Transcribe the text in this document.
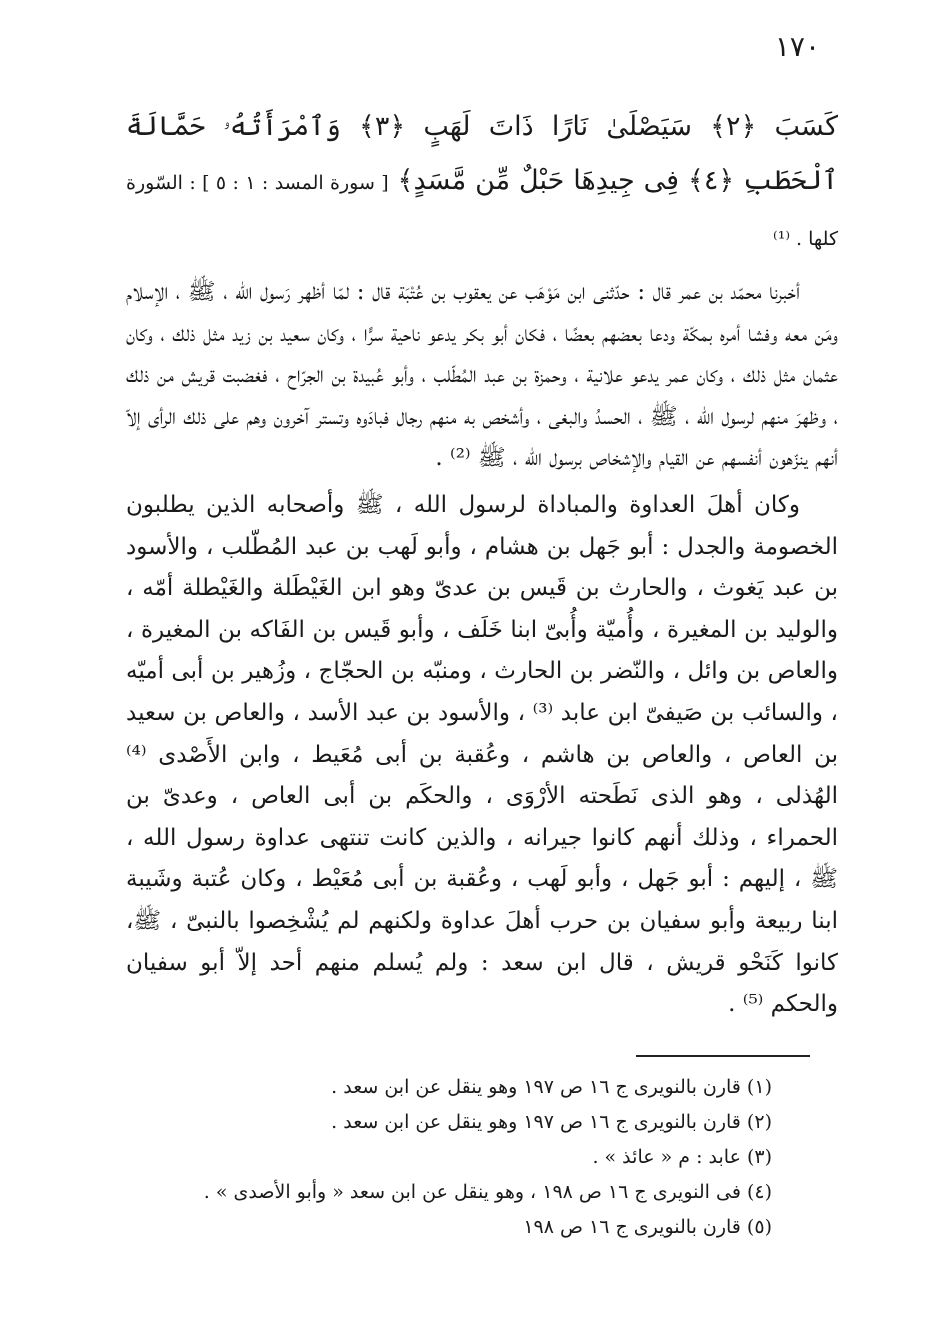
١٧٠

كَسَبَ ﴿٢﴾ سَيَصْلَىٰ نَارًا ذَاتَ لَهَبٍ ﴿٣﴾ وَٱمْرَأَتُهُۥ حَمَّالَةَ ٱلْحَطَبِ ﴿٤﴾ فِى جِيدِهَا حَبْلٌ مِّن مَّسَدٍ﴾ [ سورة المسد : ١ : ٥ ] : السّورة كلها . ⁽¹⁾

أخبرنا محمّد بن عمر قال : حدّثنى ابن مَوْهَب عن يعقوب بن عُتْبَة قال : لمّا أظهر رَسول الله ، ﷺ ، الإسلام ومَن معه وفشا أمره بمكّة ودعا بعضهم بعضًا ، فكان أبو بكر يدعو ناحية سرًّا ، وكان سعيد بن زيد مثل ذلك ، وكان عثمان مثل ذلك ، وكان عمر يدعو علانية ، وحمزة بن عبد المُطّلب ، وأبو عُبيدة بن الجرّاح ، فغضبت قريش من ذلك ، وظهرَ منهم لرسول الله ، ﷺ ، الحسدُ والبغى ، وأشخص به منهم رجال فبادَوه وتستر آخرون وهم على ذلك الرأى إلاّ أنهم ينزّهون أنفسهم عن القيام والإشخاص برسول الله ، ﷺ ⁽²⁾ .

وكان أهلَ العداوة والمباداة لرسول الله ، ﷺ وأصحابه الذين يطلبون الخصومة والجدل : أبو جَهل بن هشام ، وأبو لَهب بن عبد المُطّلب ، والأسود بن عبد يَغوث ، والحارث بن قَيس بن عدىّ وهو ابن الغَيْطَلة والغَيْطلة أمّه ، والوليد بن المغيرة ، وأُميّة وأُبىّ ابنا خَلَف ، وأبو قَيس بن الفَاكه بن المغيرة ، والعاص بن وائل ، والنّضر بن الحارث ، ومنبّه بن الحجّاج ، وزُهير بن أبى أميّه ، والسائب بن صَيفىّ ابن عابد ⁽³⁾ ، والأسود بن عبد الأسد ، والعاص بن سعيد بن العاص ، والعاص بن هاشم ، وعُقبة بن أبى مُعَيط ، وابن الأَصْدى ⁽⁴⁾ الهُذلى ، وهو الذى نَطَحته الأرْوَى ، والحكَم بن أبى العاص ، وعدىّ بن الحمراء ، وذلك أنهم كانوا جيرانه ، والذين كانت تنتهى عداوة رسول الله ، ﷺ ، إليهم : أبو جَهل ، وأبو لَهب ، وعُقبة بن أبى مُعَيْط ، وكان عُتبة وشَيبة ابنا ربيعة وأبو سفيان بن حرب أهلَ عداوة ولكنهم لم يُشْخِصوا بالنبىّ ، ﷺ، كانوا كَنَحْو قريش ، قال ابن سعد : ولم يُسلم منهم أحد إلاّ أبو سفيان والحكم ⁽⁵⁾ .

(١) قارن بالنويرى ج ١٦ ص ١٩٧ وهو ينقل عن ابن سعد .

(٢) قارن بالنويرى ج ١٦ ص ١٩٧ وهو ينقل عن ابن سعد .

(٣) عابد : م « عائذ » .

(٤) فى النويرى ج ١٦ ص ١٩٨ ، وهو ينقل عن ابن سعد « وأبو الأصدى » .

(٥) قارن بالنويرى ج ١٦ ص ١٩٨
